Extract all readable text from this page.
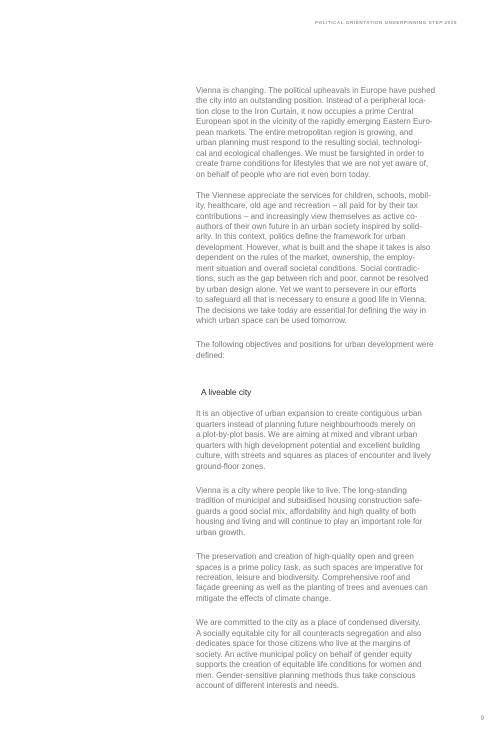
POLITICAL ORIENTATION UNDERPINNING STEP 2025

Vienna is changing. The political upheavals in Europe have pushed
the city into an outstanding position. Instead of a peripheral loca-
tion close to the Iron Curtain, it now occupies a prime Central
European spot in the vicinity of the rapidly emerging Eastern Euro-
pean markets. The entire metropolitan region is growing, and
urban planning must respond to the resulting social, technologi-
cal and ecological challenges. We must be farsighted in order to
create frame conditions for lifestyles that we are not yet aware of,
on behalf of people who are not even born today.

The Viennese appreciate the services for children, schools, mobil-
ity, healthcare, old age and recreation – all paid for by their tax
contributions – and increasingly view themselves as active co-
authors of their own future in an urban society inspired by solid-
arity. In this context, politics define the framework for urban
development. However, what is built and the shape it takes is also
dependent on the rules of the market, ownership, the employ-
ment situation and overall societal conditions. Social contradic-
tions, such as the gap between rich and poor, cannot be resolved
by urban design alone. Yet we want to persevere in our efforts
to safeguard all that is necessary to ensure a good life in Vienna.
The decisions we take today are essential for defining the way in
which urban space can be used tomorrow.

The following objectives and positions for urban development were
defined:

A liveable city

It is an objective of urban expansion to create contiguous urban
quarters instead of planning future neighbourhoods merely on
a plot-by-plot basis. We are aiming at mixed and vibrant urban
quarters with high development potential and excellent building
culture, with streets and squares as places of encounter and lively
ground-floor zones.

Vienna is a city where people like to live. The long-standing
tradition of municipal and subsidised housing construction safe-
guards a good social mix, affordability and high quality of both
housing and living and will continue to play an important role for
urban growth.

The preservation and creation of high-quality open and green
spaces is a prime policy task, as such spaces are imperative for
recreation, leisure and biodiversity. Comprehensive roof and
façade greening as well as the planting of trees and avenues can
mitigate the effects of climate change.

We are committed to the city as a place of condensed diversity.
A socially equitable city for all counteracts segregation and also
dedicates space for those citizens who live at the margins of
society. An active municipal policy on behalf of gender equity
supports the creation of equitable life conditions for women and
men. Gender-sensitive planning methods thus take conscious
account of different interests and needs.

9
